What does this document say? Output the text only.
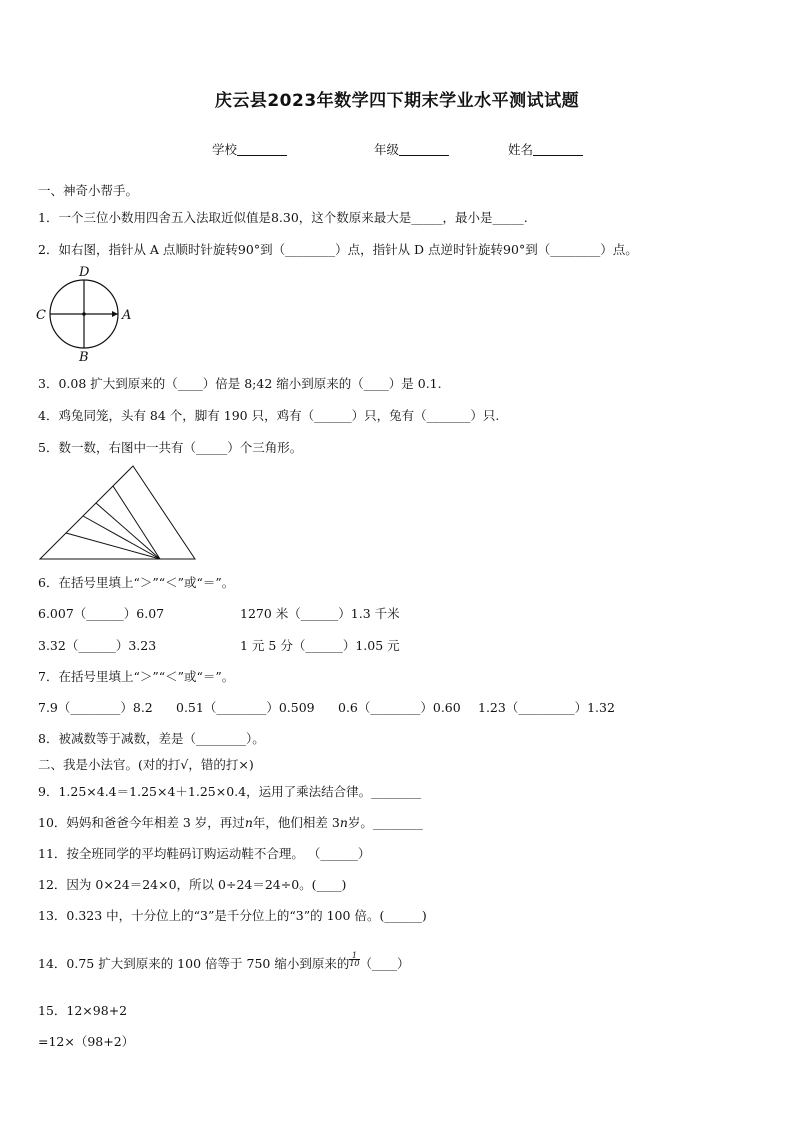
庆云县2023年数学四下期末学业水平测试试题
学校	年级	姓名
一、神奇小帮手。
1．一个三位小数用四舍五入法取近似值是8.30，这个数原来最大是_____，最小是_____.
2．如右图，指针从 A 点顺时针旋转90°到（________）点，指针从 D 点逆时针旋转90°到（________）点。
D
C	A
B
3．0.08 扩大到原来的（____）倍是 8;42 缩小到原来的（____）是 0.1.
4．鸡兔同笼，头有 84 个，脚有 190 只，鸡有（______）只，兔有（_______）只.
5．数一数，右图中一共有（_____）个三角形。
6．在括号里填上“＞”“＜”或“＝”。
6.007（______）6.07	1270 米（______）1.3 千米
3.32（______）3.23	1 元 5 分（______）1.05 元
7．在括号里填上“＞”“＜”或“＝”。
7.9（________）8.2 0.51（________）0.509 0.6（________）0.60 1.23（_________）1.32
8．被减数等于减数，差是（________）。
二、我是小法官。(对的打√，错的打×)
9．1.25×4.4＝1.25×4＋1.25×0.4，运用了乘法结合律。________
10．妈妈和爸爸今年相差 3 岁，再过n年，他们相差 3n岁。________
11．按全班同学的平均鞋码订购运动鞋不合理。 （______）
12．因为 0×24＝24×0，所以 0÷24＝24÷0。(____)
13．0.323 中，十分位上的“3”是千分位上的“3”的 100 倍。(______)
14．0.75 扩大到原来的 100 倍等于 750 缩小到原来的$\frac{1}{10}$ （____）
15．12×98+2
=12×（98+2）
